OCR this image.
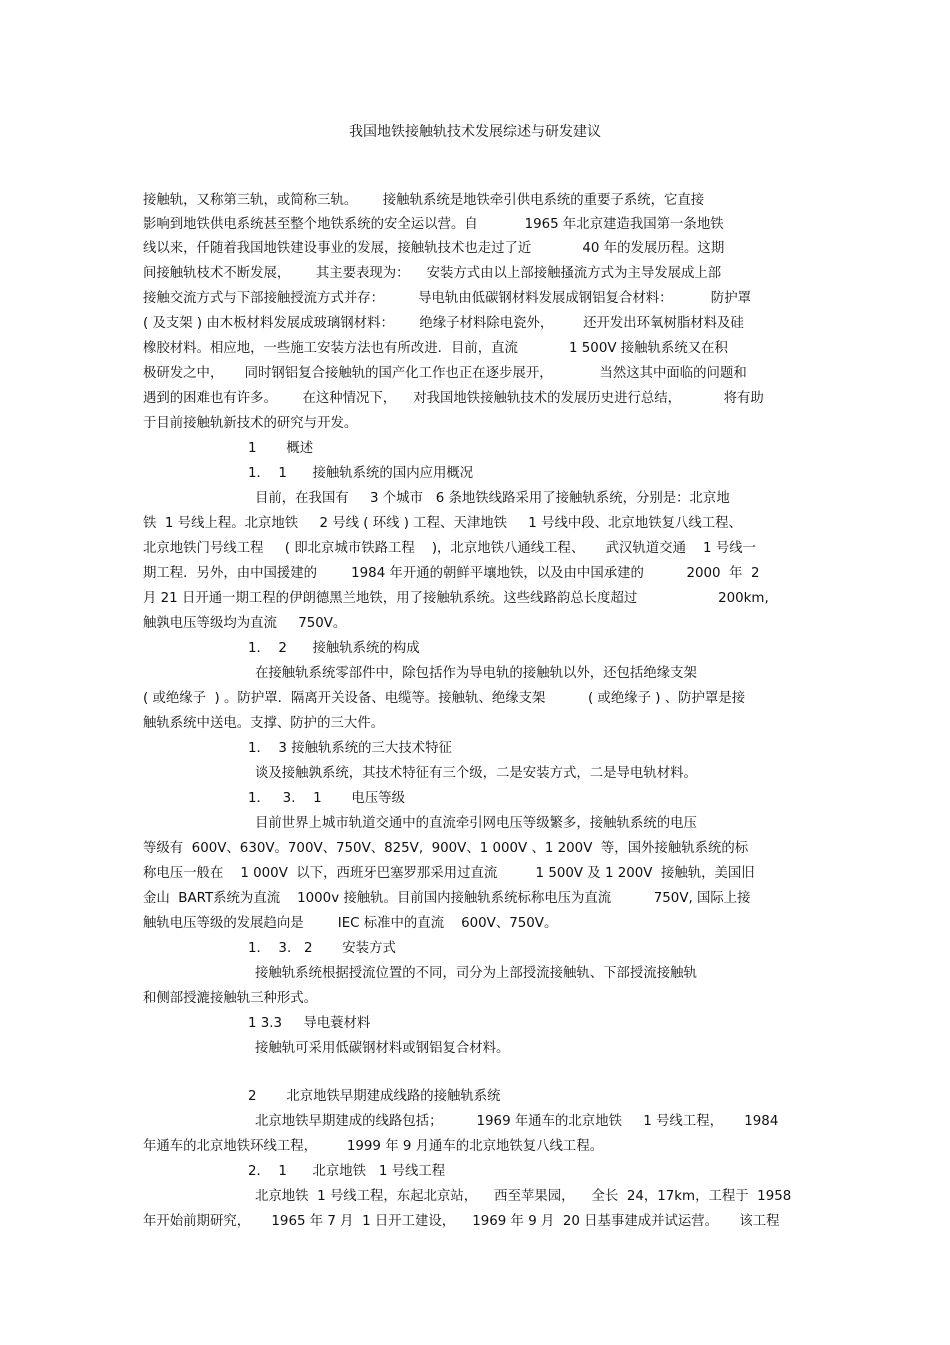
我国地铁接触轨技术发展综述与研发建议

接触轨，又称第三轨，或简称三轨。      接触轨系统是地铁牵引供电系统的重要子系统，它直接

影响到地铁供电系统甚至整个地铁系统的安全运以营。自           1965 年北京建造我国第一条地铁

线以来，仟随着我国地铁建设事业的发展，接触轨技术也走过了近            40 年的发展历程。这期

间接触轨枝术不断发展，      其主要表现为：    安装方式由以上部接触搔流方式为主导发展成上部

接触交流方式与下部接触授流方式并存：        导电轨由低碳钢材料发展成钢铝复合材料：         防护罩

( 及支架 ) 由木板材料发展成玻璃钢材料：      绝缘子材料除电瓷外，       还开发出环氧树脂材料及硅

橡胶材料。相应地，一些施工安装方法也有所改进．目前，直流            1 500V 接触轨系统又在积

极研发之中，     同时钢铝复合接触轨的国产化工作也正在逐步展开，           当然这其中面临的问题和

遇到的困难也有许多。      在这种情况下，    对我国地铁接触轨技术的发展历史进行总结，          将有助

于目前接触轨新技术的研究与开发。

1       概述

1．  1      接触轨系统的国内应用概况

目前，在我国有     3 个城市   6 条地铁线路采用了接触轨系统，分别是：北京地

铁  1 号线上程。北京地铁     2 号线 ( 环线 ) 工程、天津地铁     1 号线中段、北京地铁复八线工程、

北京地铁门号线工程     ( 即北京城市铁路工程    )，北京地铁八通线工程、     武汉轨道交通    1 号线一

期工程．另外，由中国援建的        1984 年开通的朝鲜平壤地铁，以及由中国承建的          2000  年  2

月 21 日开通一期工程的伊朗德黑兰地铁，用了接触轨系统。这些线路韵总长度超过                   200km,

触孰电压等级均为直流     750V。

1．  2      接触轨系统的构成

在接触轨系统零部件中，除包括作为导电轨的接触轨以外，还包括绝缘支架

( 或绝缘子  ) 。防护罩．隔离开关设备、电缆等。接触轨、绝缘支架          ( 或绝缘子 ) 、防护罩是接

触轨系统中送电。支撑、防护的三大件。

1．  3 接触轨系统的三大技术特征

谈及接触孰系统，其技术特征有三个级，二是安装方式，二是导电轨材料。

1．   3．  1       电压等级

目前世界上城市轨道交通中的直流牵引网电压等级繁多，接触轨系统的电压

等级有  600V、630V。700V、750V、825V,  900V、1 000V 、1 200V  等，国外接触轨系统的标

称电压一般在    1 000V  以下，西班牙巴塞罗那采用过直流         1 500V 及 1 200V  接触轨，美国旧

金山  BART系统为直流    1000v 接触轨。目前国内接触轨系统标称电压为直流          750V, 国际上接

触轨电压等级的发展趋向是        IEC 标准中的直流    600V、750V。

1．  3.   2       安装方式

接触轨系统根据授流位置的不同，司分为上部授流接触轨、下部授流接触轨

和侧部授漉接触轨三种形式。

1 3.3     导电蓑材料

接触轨可采用低碳钢材料或钢铝复合材料。

2       北京地铁早期建成线路的接触轨系统

北京地铁早期建成的线路包括；        1969 年通车的北京地铁     1 号线工程，     1984

年通车的北京地铁环线工程，       1999 年 9 月通车的北京地铁复八线工程。

2．  1      北京地铁   1 号线工程

北京地铁  1 号线工程，东起北京站，    西至苹果园，    全长  24，17km，工程于  1958

年开始前期研究，     1965 年 7 月  1 日开工建设，    1969 年 9 月  20 日基事建成并试运营。     该工程
